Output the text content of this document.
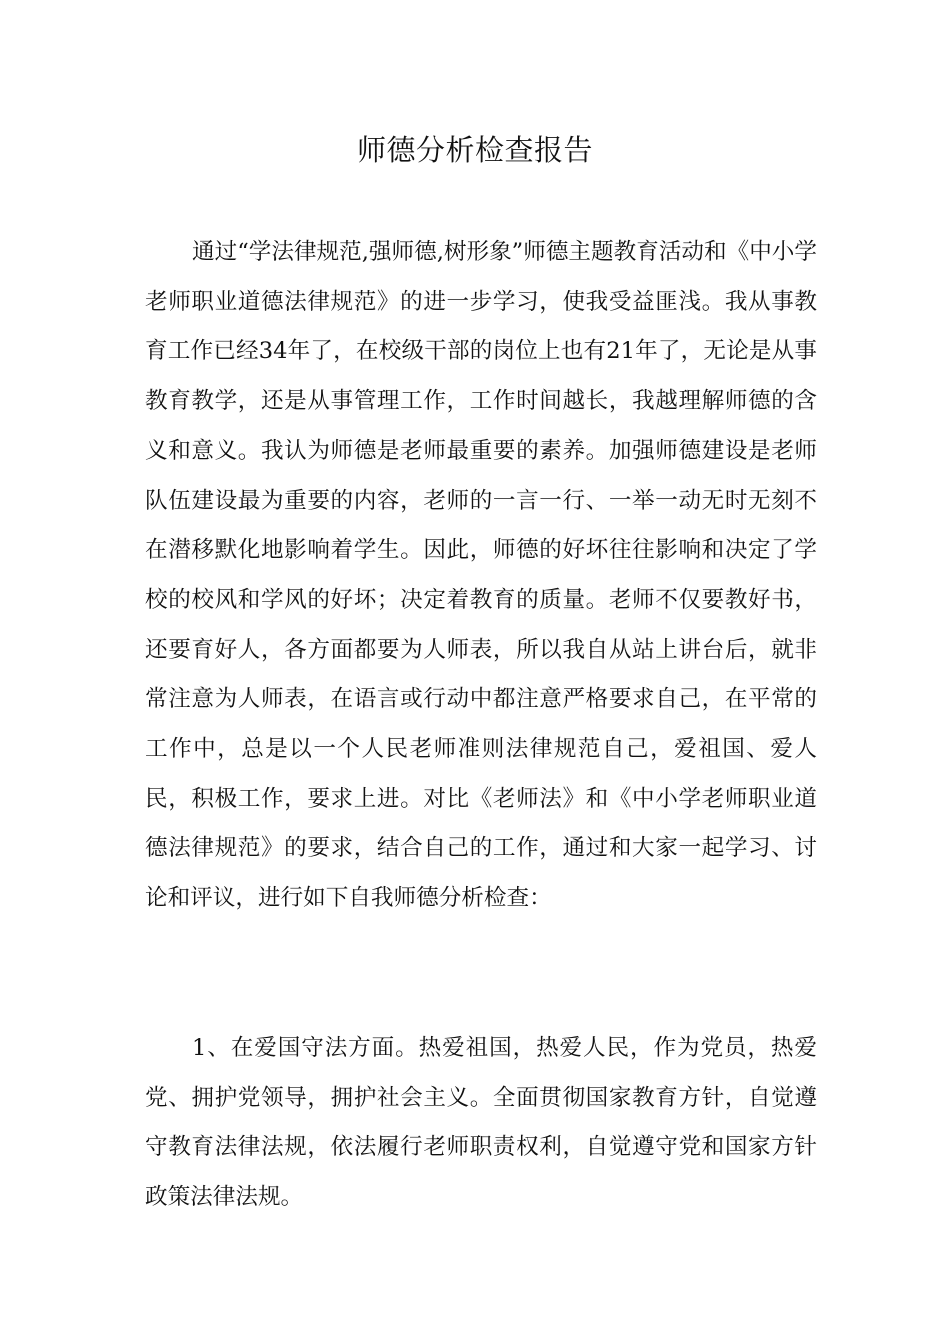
师德分析检查报告

通过“学法律规范,强师德,树形象”师德主题教育活动和《中小学老师职业道德法律规范》的进一步学习，使我受益匪浅。我从事教育工作已经34年了，在校级干部的岗位上也有21年了，无论是从事教育教学，还是从事管理工作，工作时间越长，我越理解师德的含义和意义。我认为师德是老师最重要的素养。加强师德建设是老师队伍建设最为重要的内容，老师的一言一行、一举一动无时无刻不在潜移默化地影响着学生。因此，师德的好坏往往影响和决定了学校的校风和学风的好坏；决定着教育的质量。老师不仅要教好书，还要育好人，各方面都要为人师表，所以我自从站上讲台后，就非常注意为人师表，在语言或行动中都注意严格要求自己，在平常的工作中，总是以一个人民老师准则法律规范自己，爱祖国、爱人民，积极工作，要求上进。对比《老师法》和《中小学老师职业道德法律规范》的要求，结合自己的工作，通过和大家一起学习、讨论和评议，进行如下自我师德分析检查：

1、在爱国守法方面。热爱祖国，热爱人民，作为党员，热爱党、拥护党领导，拥护社会主义。全面贯彻国家教育方针，自觉遵守教育法律法规，依法履行老师职责权利，自觉遵守党和国家方针政策法律法规。
